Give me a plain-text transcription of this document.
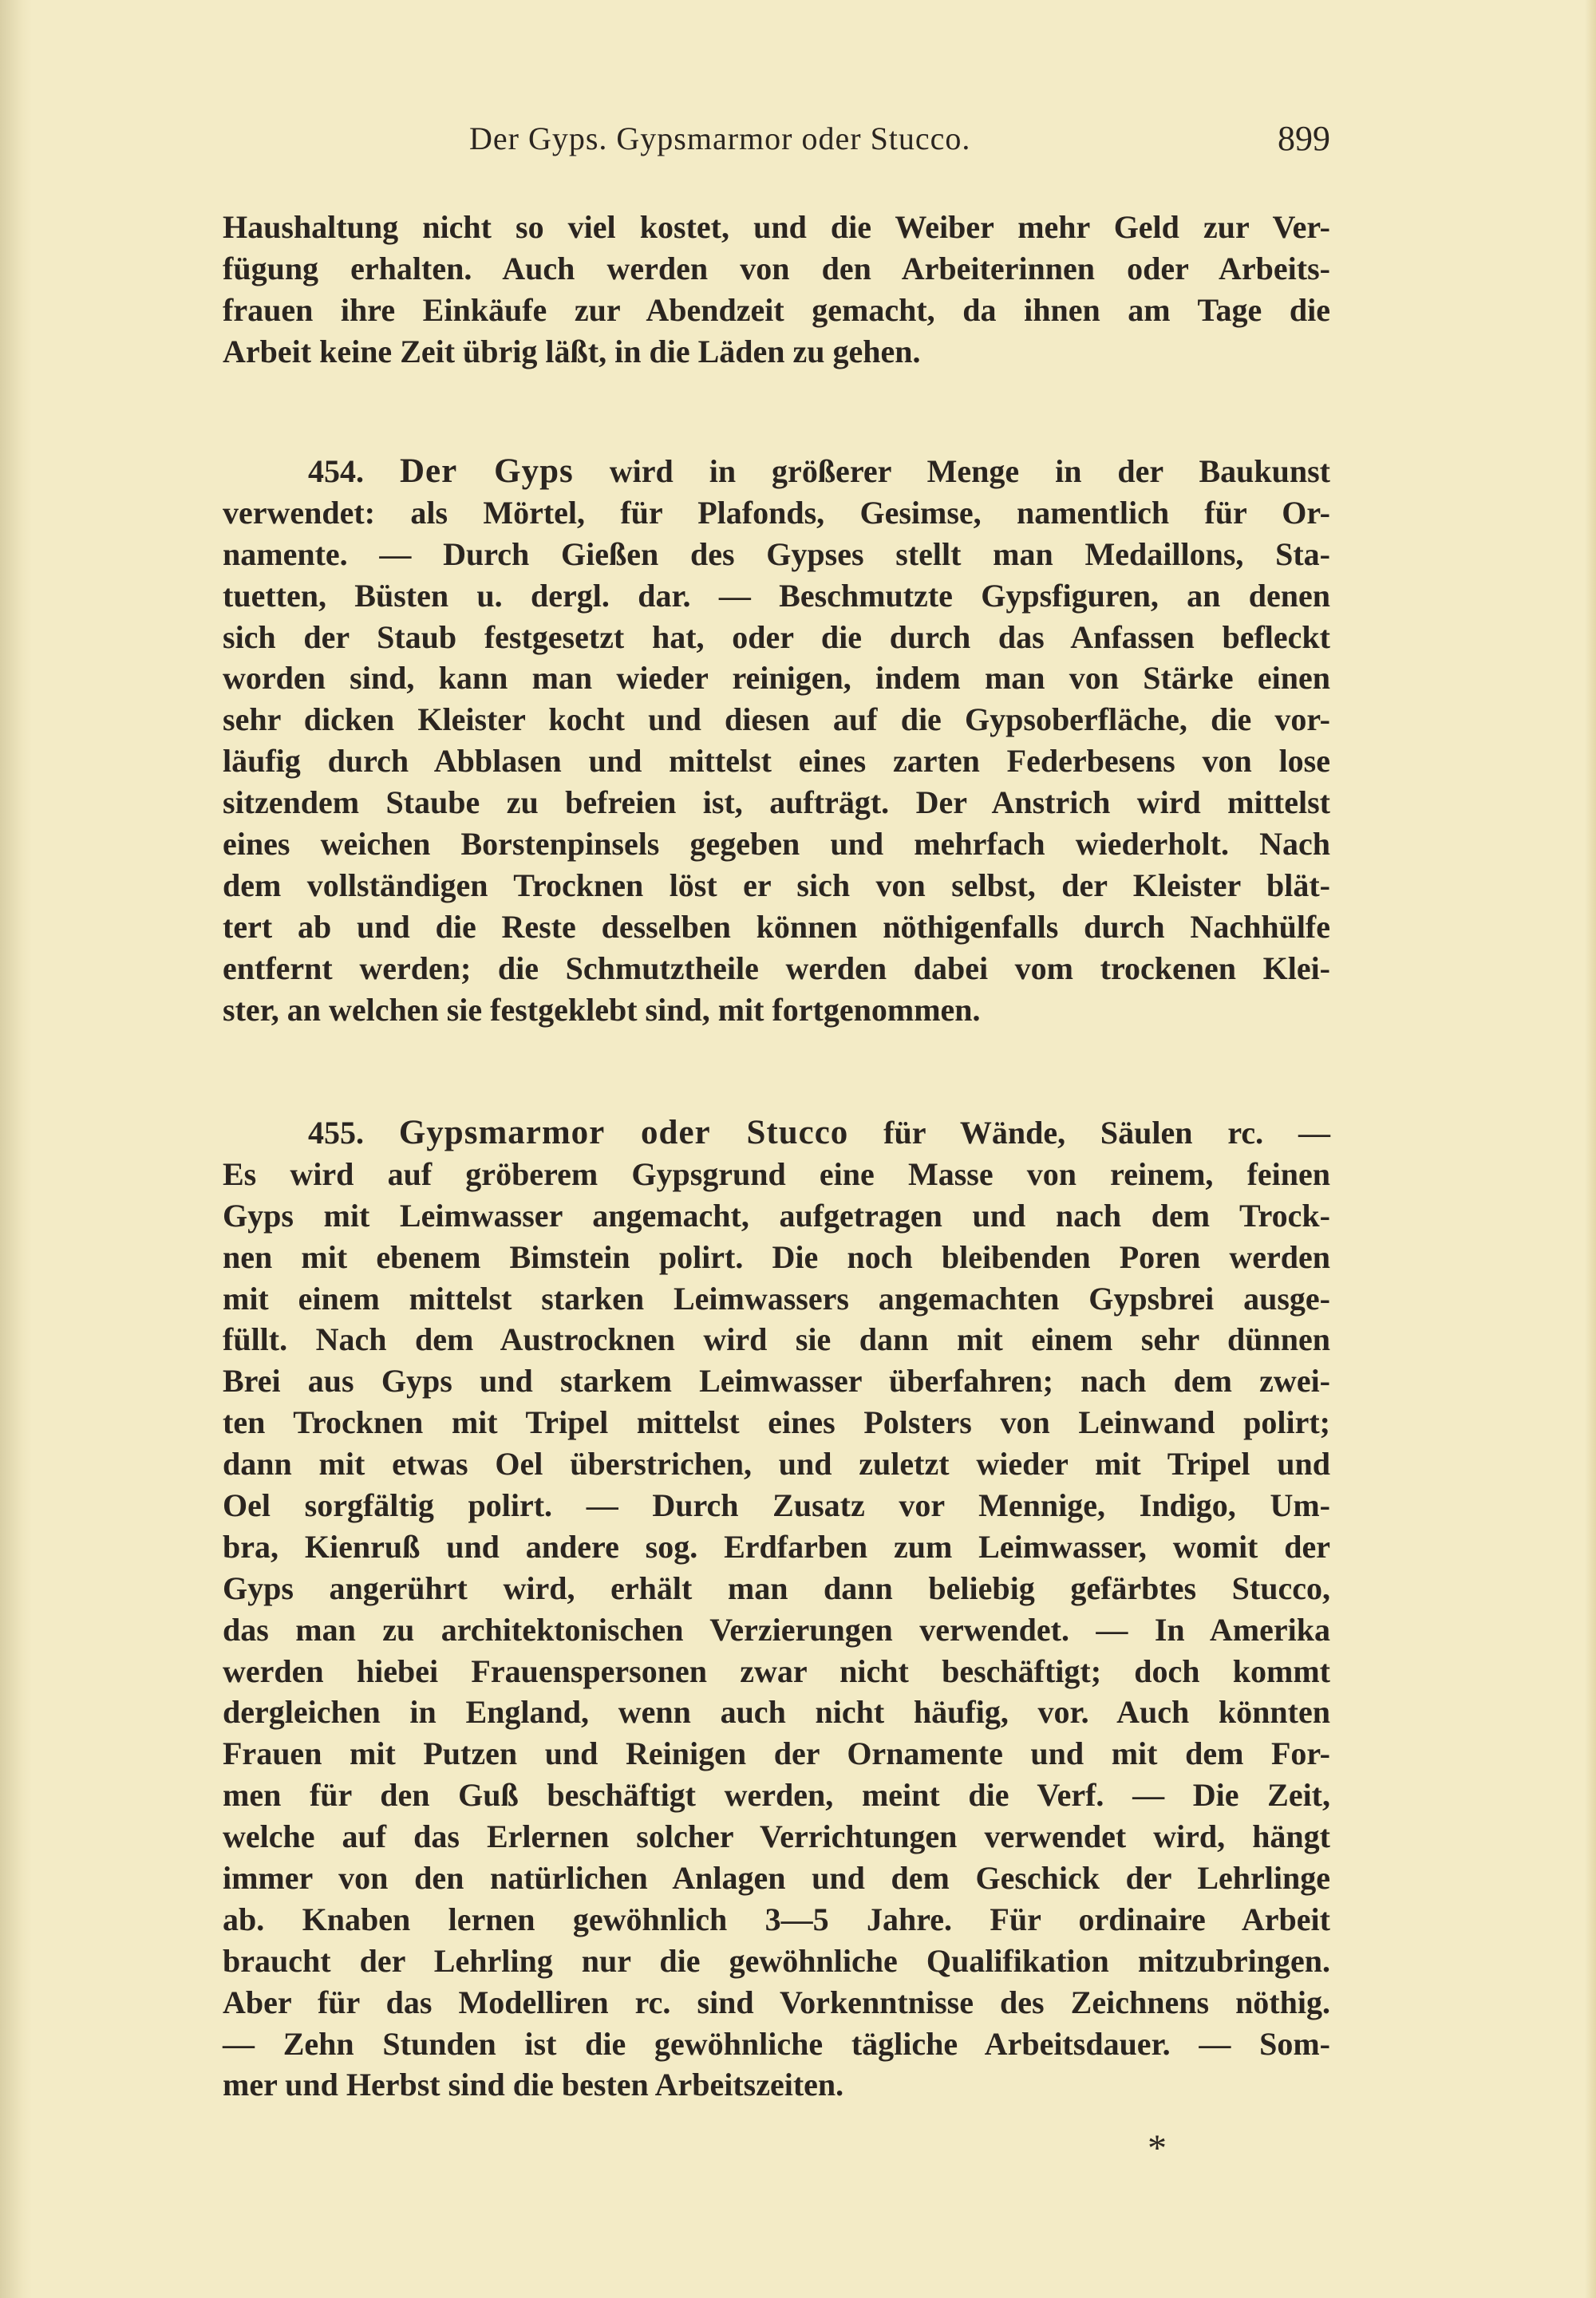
Der Gyps. Gypsmarmor oder Stucco.	899
Haushaltung nicht so viel kostet, und die Weiber mehr Geld zur Ver-
fügung erhalten. Auch werden von den Arbeiterinnen oder Arbeits-
frauen ihre Einkäufe zur Abendzeit gemacht, da ihnen am Tage die
Arbeit keine Zeit übrig läßt, in die Läden zu gehen.
454. Der Gyps wird in größerer Menge in der Baukunst
verwendet: als Mörtel, für Plafonds, Gesimse, namentlich für Or-
namente. — Durch Gießen des Gypses stellt man Medaillons, Sta-
tuetten, Büsten u. dergl. dar. — Beschmutzte Gypsfiguren, an denen
sich der Staub festgesetzt hat, oder die durch das Anfassen befleckt
worden sind, kann man wieder reinigen, indem man von Stärke einen
sehr dicken Kleister kocht und diesen auf die Gypsoberfläche, die vor-
läufig durch Abblasen und mittelst eines zarten Federbesens von lose
sitzendem Staube zu befreien ist, aufträgt. Der Anstrich wird mittelst
eines weichen Borstenpinsels gegeben und mehrfach wiederholt. Nach
dem vollständigen Trocknen löst er sich von selbst, der Kleister blät-
tert ab und die Reste desselben können nöthigenfalls durch Nachhülfe
entfernt werden; die Schmutztheile werden dabei vom trockenen Klei-
ster, an welchen sie festgeklebt sind, mit fortgenommen.
455. Gypsmarmor oder Stucco für Wände, Säulen rc. —
Es wird auf gröberem Gypsgrund eine Masse von reinem, feinen
Gyps mit Leimwasser angemacht, aufgetragen und nach dem Trock-
nen mit ebenem Bimstein polirt. Die noch bleibenden Poren werden
mit einem mittelst starken Leimwassers angemachten Gypsbrei ausge-
füllt. Nach dem Austrocknen wird sie dann mit einem sehr dünnen
Brei aus Gyps und starkem Leimwasser überfahren; nach dem zwei-
ten Trocknen mit Tripel mittelst eines Polsters von Leinwand polirt;
dann mit etwas Oel überstrichen, und zuletzt wieder mit Tripel und
Oel sorgfältig polirt. — Durch Zusatz vor Mennige, Indigo, Um-
bra, Kienruß und andere sog. Erdfarben zum Leimwasser, womit der
Gyps angerührt wird, erhält man dann beliebig gefärbtes Stucco,
das man zu architektonischen Verzierungen verwendet. — In Amerika
werden hiebei Frauenspersonen zwar nicht beschäftigt; doch kommt
dergleichen in England, wenn auch nicht häufig, vor. Auch könnten
Frauen mit Putzen und Reinigen der Ornamente und mit dem For-
men für den Guß beschäftigt werden, meint die Verf. — Die Zeit,
welche auf das Erlernen solcher Verrichtungen verwendet wird, hängt
immer von den natürlichen Anlagen und dem Geschick der Lehrlinge
ab. Knaben lernen gewöhnlich 3—5 Jahre. Für ordinaire Arbeit
braucht der Lehrling nur die gewöhnliche Qualifikation mitzubringen.
Aber für das Modelliren rc. sind Vorkenntnisse des Zeichnens nöthig.
— Zehn Stunden ist die gewöhnliche tägliche Arbeitsdauer. — Som-
mer und Herbst sind die besten Arbeitszeiten.
*
